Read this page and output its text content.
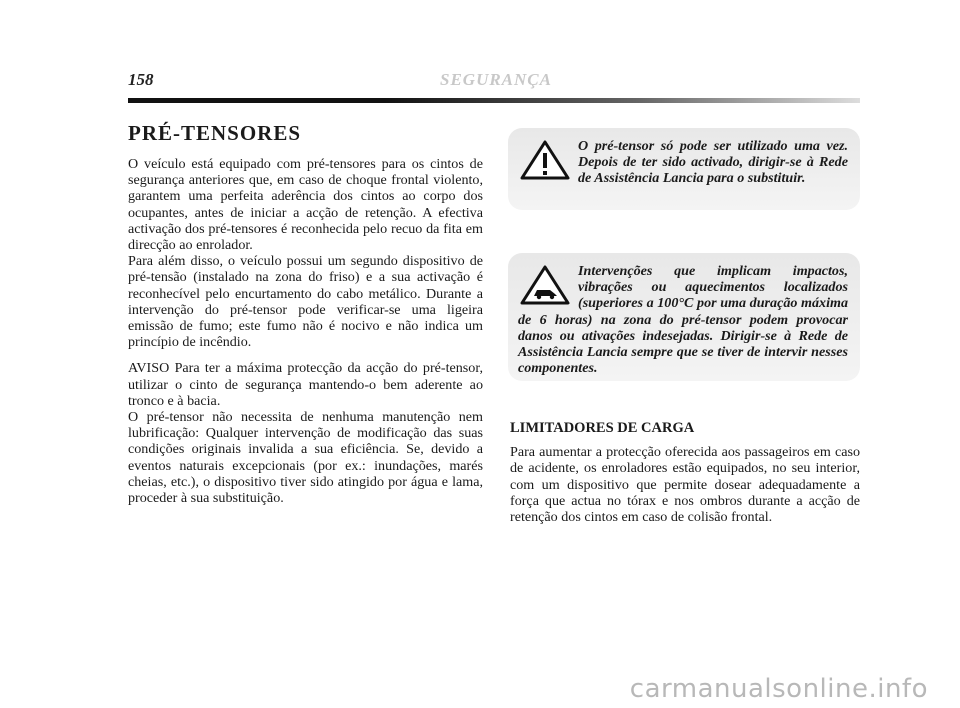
158	SEGURANÇA
PRÉ-TENSORES

O veículo está equipado com pré-tensores para os cintos de segurança anteriores que, em caso de choque frontal violento, garantem uma perfeita aderência dos cintos ao corpo dos ocupantes, antes de iniciar a acção de retenção. A efectiva activação dos pré-tensores é reconhecida pelo recuo da fita em direcção ao enrolador.

Para além disso, o veículo possui um segundo dispositivo de pré-tensão (instalado na zona do friso) e a sua activação é reconhecível pelo encurtamento do cabo metálico. Durante a intervenção do pré-tensor pode verificar-se uma ligeira emissão de fumo; este fumo não é nocivo e não indica um princípio de incêndio.

AVISO Para ter a máxima protecção da acção do pré-tensor, utilizar o cinto de segurança mantendo-o bem aderente ao tronco e à bacia.

O pré-tensor não necessita de nenhuma manutenção nem lubrificação: Qualquer intervenção de modificação das suas condições originais invalida a sua eficiência. Se, devido a eventos naturais excepcionais (por ex.: inundações, marés cheias, etc.), o dispositivo tiver sido atingido por água e lama, proceder à sua substituição.

O pré-tensor só pode ser utilizado uma vez. Depois de ter sido activado, dirigir-se à Rede de Assistência Lancia para o substituir.
Intervenções que implicam impactos, vibrações ou aquecimentos localizados (superiores a 100°C por uma duração máxima de 6 horas) na zona do pré-tensor podem provocar danos ou ativações indesejadas. Dirigir-se à Rede de Assistência Lancia sempre que se tiver de intervir nesses componentes.
LIMITADORES DE CARGA

Para aumentar a protecção oferecida aos passageiros em caso de acidente, os enroladores estão equipados, no seu interior, com um dispositivo que permite dosear adequadamente a força que actua no tórax e nos ombros durante a acção de retenção dos cintos em caso de colisão frontal.

carmanualsonline.info
